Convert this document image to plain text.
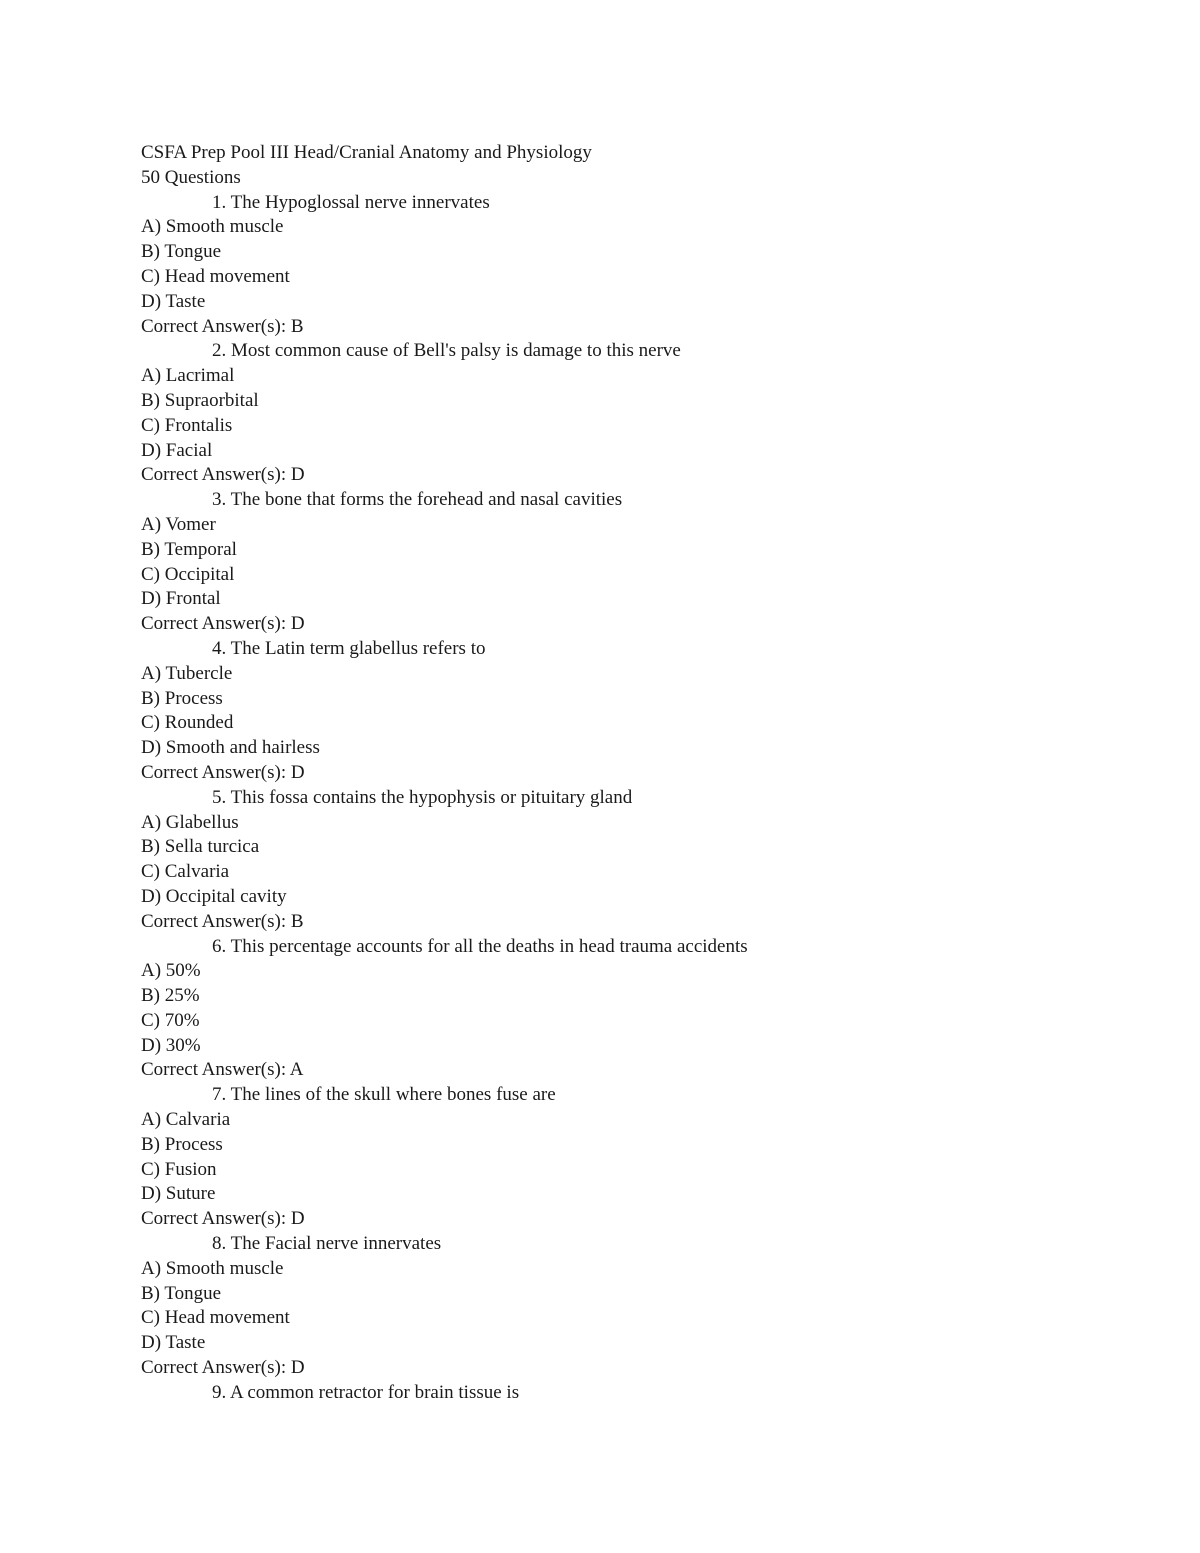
CSFA Prep Pool III Head/Cranial Anatomy and Physiology
50 Questions
1. The Hypoglossal nerve innervates
A) Smooth muscle
B) Tongue
C) Head movement
D) Taste
Correct Answer(s): B
2. Most common cause of Bell's palsy is damage to this nerve
A) Lacrimal
B) Supraorbital
C) Frontalis
D) Facial
Correct Answer(s): D
3. The bone that forms the forehead and nasal cavities
A) Vomer
B) Temporal
C) Occipital
D) Frontal
Correct Answer(s): D
4. The Latin term glabellus refers to
A) Tubercle
B) Process
C) Rounded
D) Smooth and hairless
Correct Answer(s): D
5. This fossa contains the hypophysis or pituitary gland
A) Glabellus
B) Sella turcica
C) Calvaria
D) Occipital cavity
Correct Answer(s): B
6. This percentage accounts for all the deaths in head trauma accidents
A) 50%
B) 25%
C) 70%
D) 30%
Correct Answer(s): A
7. The lines of the skull where bones fuse are
A) Calvaria
B) Process
C) Fusion
D) Suture
Correct Answer(s): D
8. The Facial nerve innervates
A) Smooth muscle
B) Tongue
C) Head movement
D) Taste
Correct Answer(s): D
9. A common retractor for brain tissue is
